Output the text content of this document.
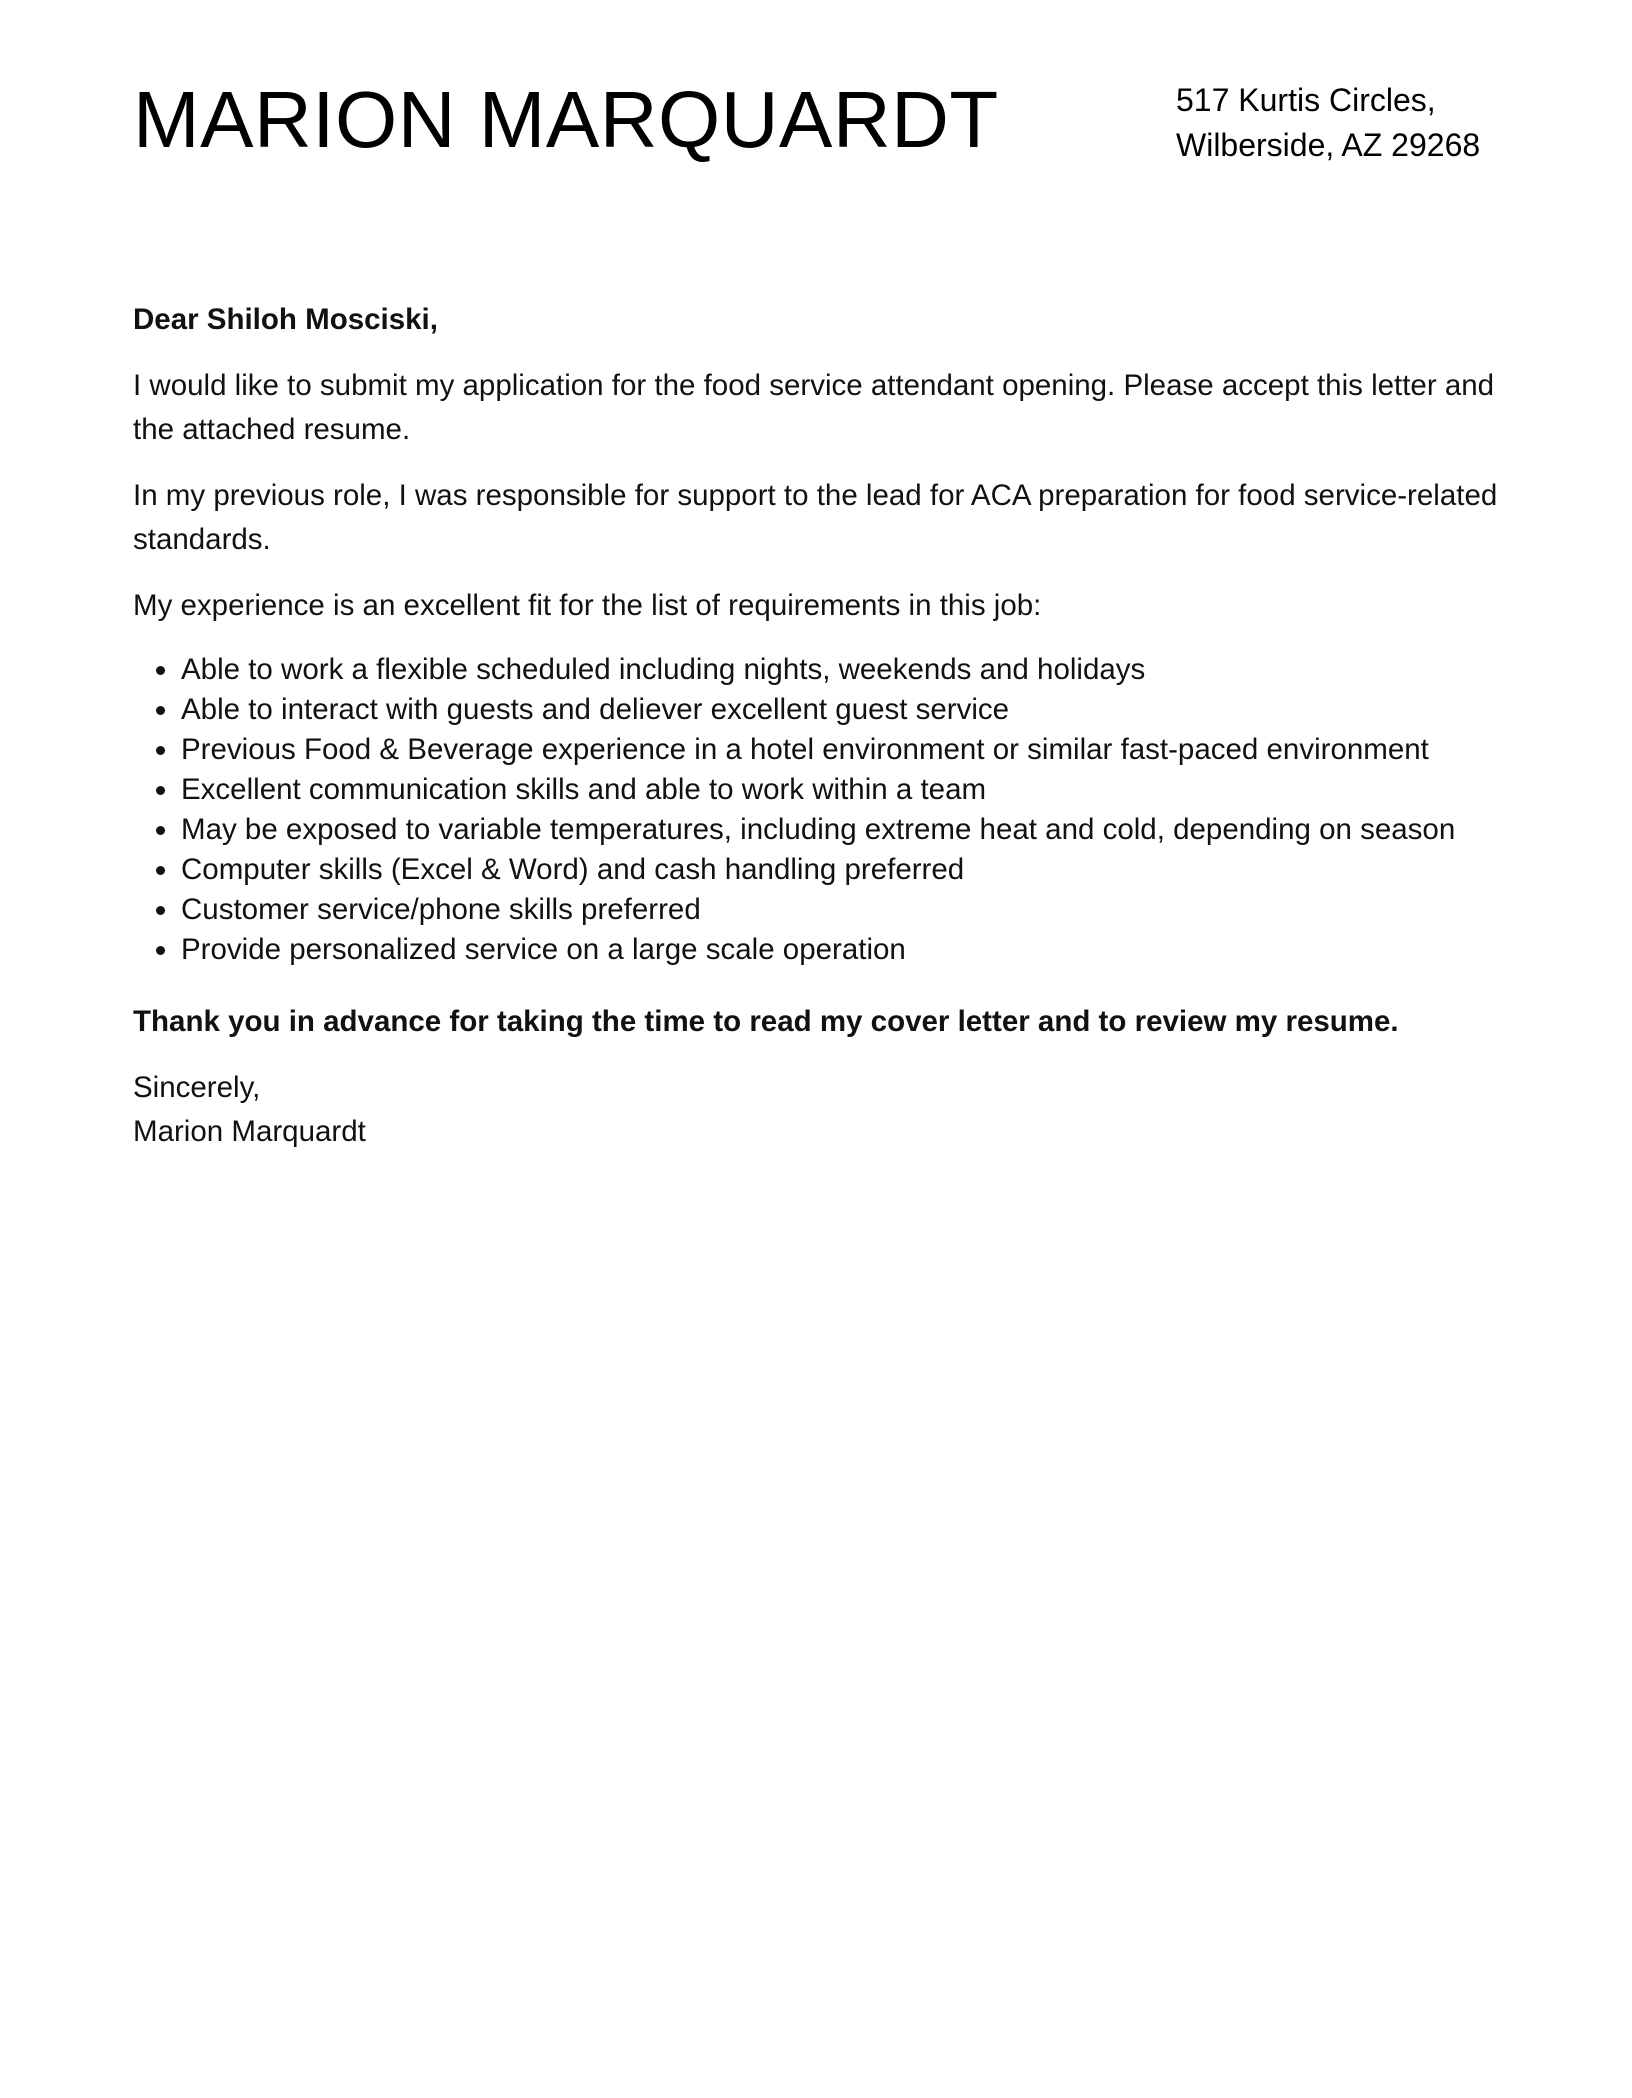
MARION MARQUARDT	517 Kurtis Circles,
Wilberside, AZ 29268

Dear Shiloh Mosciski,

I would like to submit my application for the food service attendant opening. Please accept this letter and the attached resume.

In my previous role, I was responsible for support to the lead for ACA preparation for food service-related standards.

My experience is an excellent fit for the list of requirements in this job:

Able to work a flexible scheduled including nights, weekends and holidays
Able to interact with guests and deliever excellent guest service
Previous Food & Beverage experience in a hotel environment or similar fast-paced environment
Excellent communication skills and able to work within a team
May be exposed to variable temperatures, including extreme heat and cold, depending on season
Computer skills (Excel & Word) and cash handling preferred
Customer service/phone skills preferred
Provide personalized service on a large scale operation

Thank you in advance for taking the time to read my cover letter and to review my resume.

Sincerely,
Marion Marquardt
